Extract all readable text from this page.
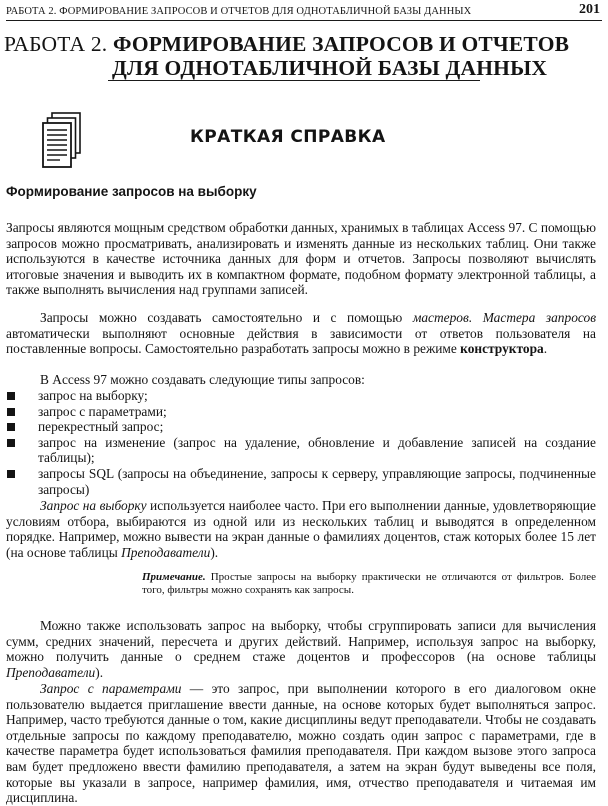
РАБОТА 2. ФОРМИРОВАНИЕ ЗАПРОСОВ И ОТЧЕТОВ ДЛЯ ОДНОТАБЛИЧНОЙ БАЗЫ ДАННЫХ	201
РАБОТА 2. ФОРМИРОВАНИЕ ЗАПРОСОВ И ОТЧЕТОВ
ДЛЯ ОДНОТАБЛИЧНОЙ БАЗЫ ДАННЫХ
КРАТКАЯ СПРАВКА
Формирование запросов на выборку

Запросы являются мощным средством обработки данных, хранимых в таблицах Access 97. С помощью запросов можно просматривать, анализировать и изменять данные из нескольких таблиц. Они также используются в качестве источника данных для форм и отчетов. Запросы позволяют вычислять итоговые значения и выводить их в компактном формате, подобном формату электронной таблицы, а также выполнять вычисления над группами записей.

Запросы можно создавать самостоятельно и с помощью мастеров. Мастера запросов автоматически выполняют основные действия в зависимости от ответов пользователя на поставленные вопросы. Самостоятельно разработать запросы можно в режиме конструктора.

В Access 97 можно создавать следующие типы запросов:

запрос на выборку;
запрос с параметрами;
перекрестный запрос;
запрос на изменение (запрос на удаление, обновление и добавление записей на создание таблицы);
запросы SQL (запросы на объединение, запросы к серверу, управляющие запросы, подчиненные запросы)

Запрос на выборку используется наиболее часто. При его выполнении данные, удовлетворяющие условиям отбора, выбираются из одной или из нескольких таблиц и выводятся в определенном порядке. Например, можно вывести на экран данные о фамилиях доцентов, стаж которых более 15 лет (на основе таблицы Преподаватели).

Примечание. Простые запросы на выборку практически не отличаются от фильтров. Более того, фильтры можно сохранять как запросы.

Можно также использовать запрос на выборку, чтобы сгруппировать записи для вычисления сумм, средних значений, пересчета и других действий. Например, используя запрос на выборку, можно получить данные о среднем стаже доцентов и профессоров (на основе таблицы Преподаватели).

Запрос с параметрами — это запрос, при выполнении которого в его диалоговом окне пользователю выдается приглашение ввести данные, на основе которых будет выполняться запрос. Например, часто требуются данные о том, какие дисциплины ведут преподаватели. Чтобы не создавать отдельные запросы по каждому преподавателю, можно создать один запрос с параметрами, где в качестве параметра будет использоваться фамилия преподавателя. При каждом вызове этого запроса вам будет предложено ввести фамилию преподавателя, а затем на экран будут выведены все поля, которые вы указали в запросе, например фамилия, имя, отчество преподавателя и читаемая им дисциплина.
